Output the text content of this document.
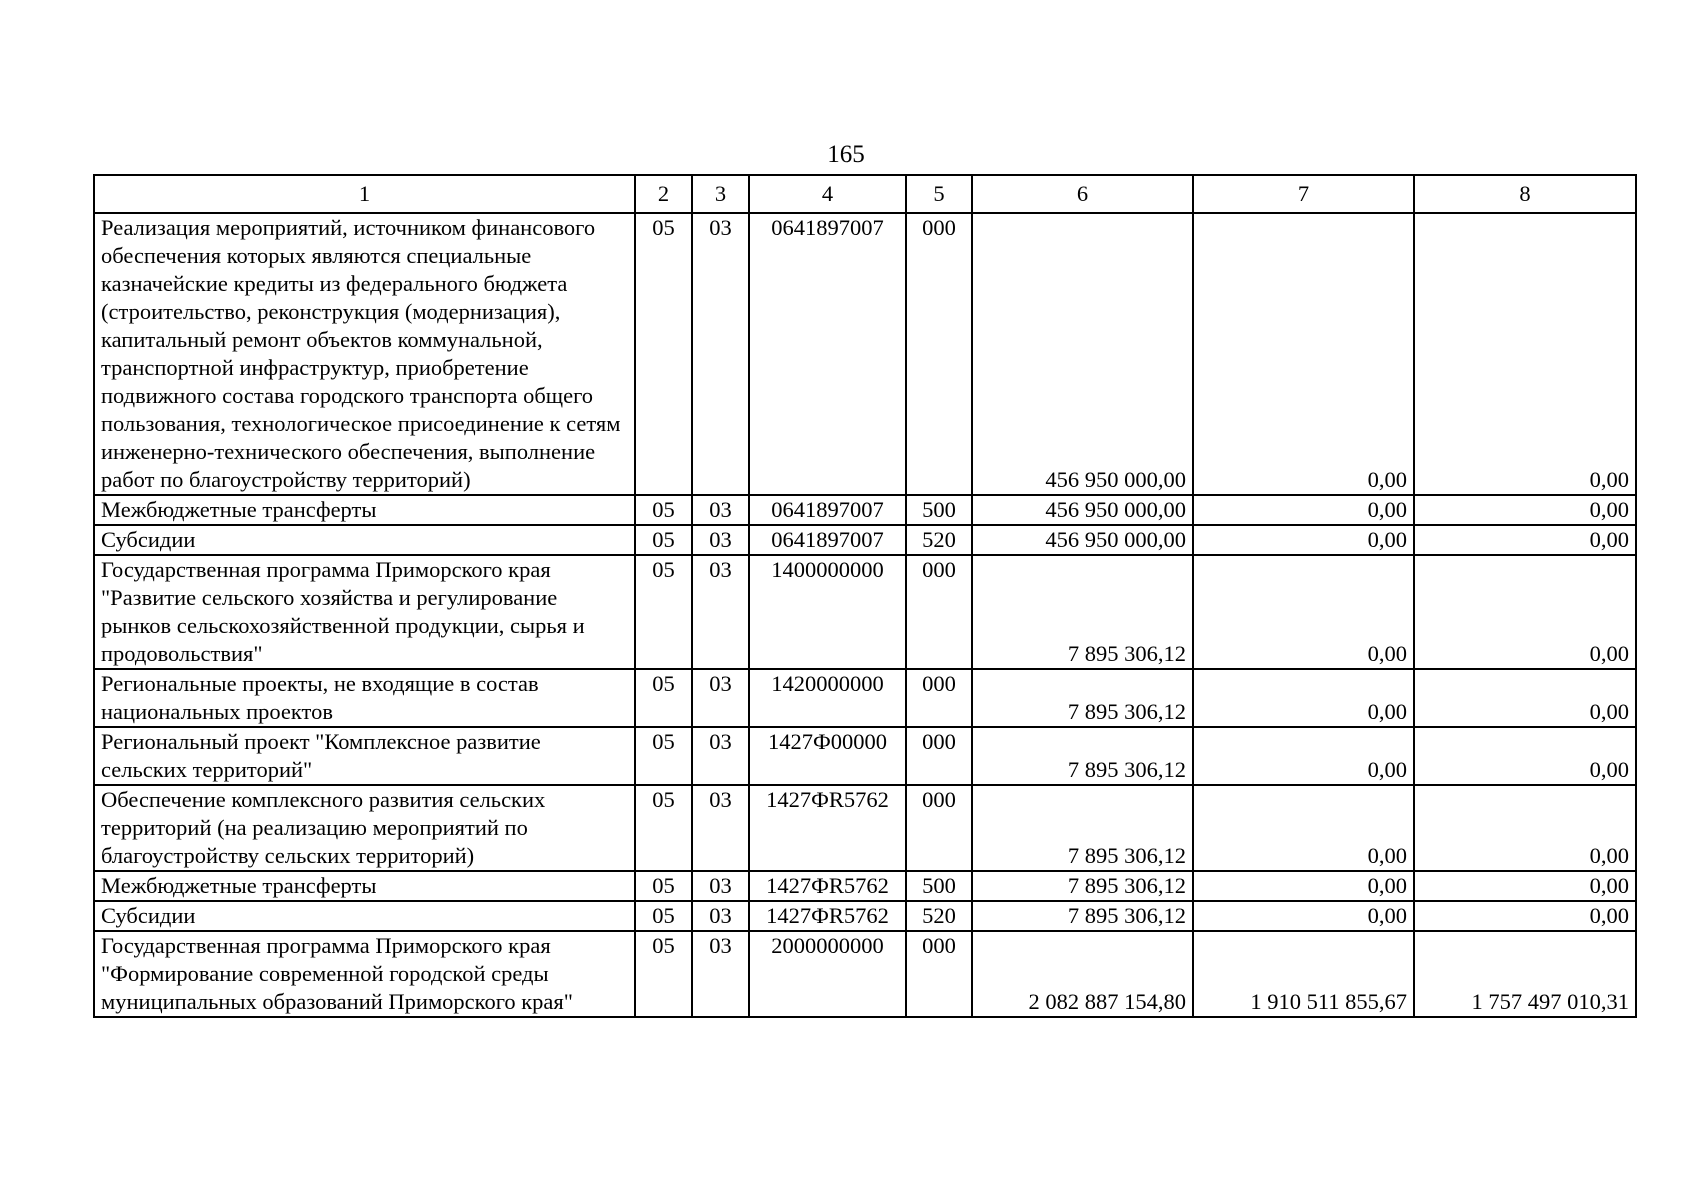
165
1	2	3	4	5	6	7	8
Реализация мероприятий, источником финансового обеспечения которых являются специальные казначейские кредиты из федерального бюджета (строительство, реконструкция (модернизация), капитальный ремонт объектов коммунальной, транспортной инфраструктур, приобретение подвижного состава городского транспорта общего пользования, технологическое присоединение к сетям инженерно-технического обеспечения, выполнение работ по благоустройству территорий)	05	03	0641897007	000	456 950 000,00	0,00	0,00
Межбюджетные трансферты	05	03	0641897007	500	456 950 000,00	0,00	0,00
Субсидии	05	03	0641897007	520	456 950 000,00	0,00	0,00
Государственная программа Приморского края "Развитие сельского хозяйства и регулирование рынков сельскохозяйственной продукции, сырья и продовольствия"	05	03	1400000000	000	7 895 306,12	0,00	0,00
Региональные проекты, не входящие в состав национальных проектов	05	03	1420000000	000	7 895 306,12	0,00	0,00
Региональный проект "Комплексное развитие сельских территорий"	05	03	1427Ф00000	000	7 895 306,12	0,00	0,00
Обеспечение комплексного развития сельских территорий (на реализацию мероприятий по благоустройству сельских территорий)	05	03	1427ФR5762	000	7 895 306,12	0,00	0,00
Межбюджетные трансферты	05	03	1427ФR5762	500	7 895 306,12	0,00	0,00
Субсидии	05	03	1427ФR5762	520	7 895 306,12	0,00	0,00
Государственная программа Приморского края "Формирование современной городской среды муниципальных образований Приморского края"	05	03	2000000000	000	2 082 887 154,80	1 910 511 855,67	1 757 497 010,31
